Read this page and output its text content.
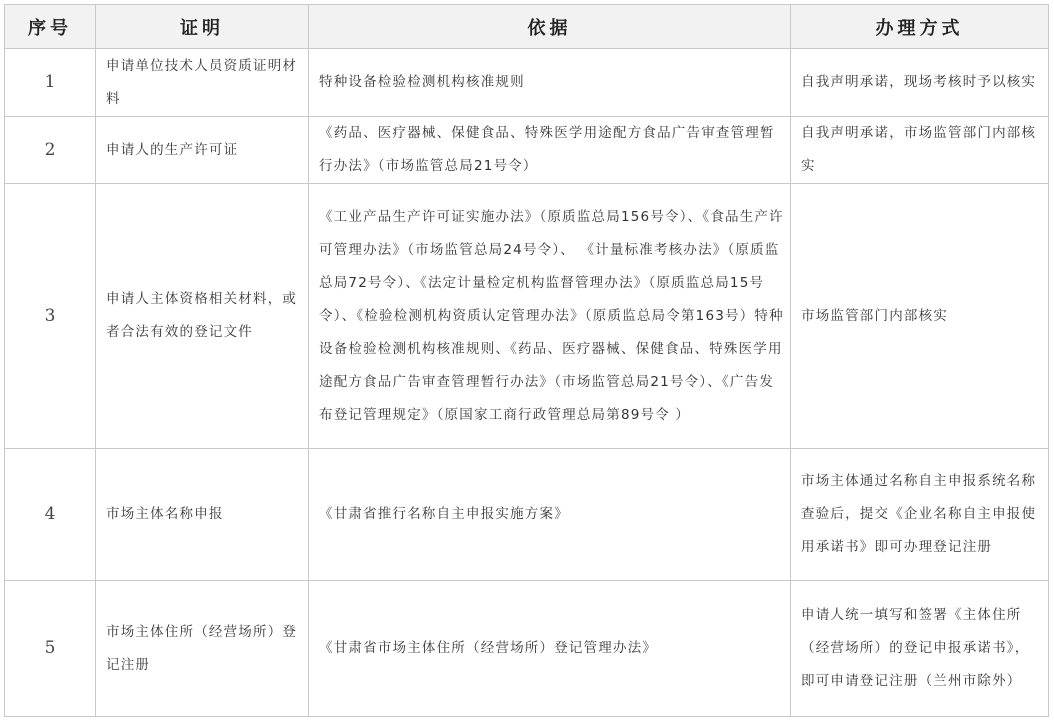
序号	证明	依据	办理方式
1	申请单位技术人员资质证明材料	特种设备检验检测机构核准规则	自我声明承诺，现场考核时予以核实
2	申请人的生产许可证	《药品、医疗器械、保健食品、特殊医学用途配方食品广告审查管理暂行办法》（市场监管总局21号令）	自我声明承诺，市场监管部门内部核实
3	申请人主体资格相关材料，或者合法有效的登记文件	《工业产品生产许可证实施办法》（原质监总局156号令）、《食品生产许可管理办法》（市场监管总局24号令）、 《计量标准考核办法》（原质监总局72号令）、《法定计量检定机构监督管理办法》（原质监总局15号令）、《检验检测机构资质认定管理办法》（原质监总局令第163号）特种设备检验检测机构核准规则、《药品、医疗器械、保健食品、特殊医学用途配方食品广告审查管理暂行办法》（市场监管总局21号令）、《广告发布登记管理规定》（原国家工商行政管理总局第89号令 ）	市场监管部门内部核实
4	市场主体名称申报	《甘肃省推行名称自主申报实施方案》	市场主体通过名称自主申报系统名称查验后，提交《企业名称自主申报使用承诺书》即可办理登记注册
5	市场主体住所（经营场所）登记注册	《甘肃省市场主体住所（经营场所）登记管理办法》	申请人统一填写和签署《主体住所（经营场所）的登记申报承诺书》，即可申请登记注册（兰州市除外）
